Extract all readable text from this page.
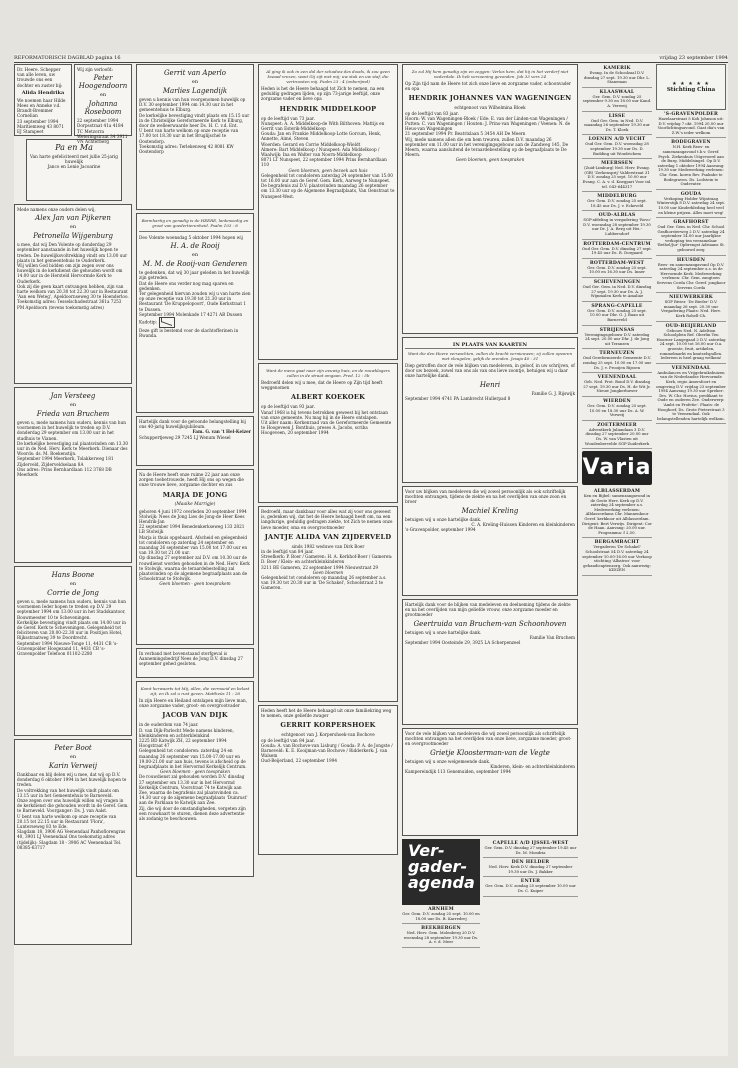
REFORMATORISCH DAGBLAD pagina 16	vrijdag 23 september 1994

Dr. Heere. Schepper van alle leven, uw trouwde ons een dochter en zuster bij:

Alida Hendrika

We noemen haar Hilde

Mees en Anneke v.d. Brandt-Bremmer Cornelian

23 september 1994 Maritiemweg 43 8071 EJ Stampeet

Wij zijn verloofd:

Peter Hoogendoorn
en
Johanna Roseboom

22 september 1994 Dorpsstraat 41a 4184 TC Metzorra Weteringstraat 34 3911 VN Achterberg

Pa en Ma

Van harte gefeliciteerd met jullie 25-jarig huwelijk

Janco en Lenie Jacoarine

Mede namens onze ouders delen wij,

Alex Jan van Pijkeren
en
Petronella Wijgenburg

u mee, dat wij Den Volente op donderdag 29 september aanstaande in het huwelijk hopen te treden. De huwelijksvoltrekking vindt om 13.00 uur plaats in het gemeentehuis te Ouderkerk.

Wij willen God bidden om zijn zegen over ons huwelijk in de kerkdienst die gehouden wordt om 14.00 uur in de Hersteld Hervormde Kerk te Ouderkerk.

Ook zij die geen kaart ontvangen hebben, zijn van harte welkom van 20.30 tot 22.30 uur in Restaurant 'Aan een Weteg', Apeldoornseweg 30 te Hoenderloo.

Toekomstig adres: Tesselschadestraat 361a 7253 PM Apeldoorn (tevens toekomstig adres)

Jan Versteeg
en
Frieda van Bruchem

geven u, mede namens hun ouders, kennis van hun voornemen in het huwelijk te treden op D.V. donderdag 29 september om 13.00 uur in het stadhuis te Vianen.

De kerkelijke bevestiging zal plaatsvinden om 13.30 uur in de Ned. Herv. Kerk te Meerkerk. Dienaar des Woords: ds. M. Boekenstijn.

September 1994 Meerkerk, Tolakkerweg 181 Zijderveld, Zijderveldselaan 8A

Ons adres: Prins Bernhardlaan 112 3768 DB Meerkerk

Hans Boone
en
Corrie de Jong

geven u, mede namens hun ouders, kennis van hun voornemen Ieder hopen te treden op D.V. 29 september 1994 om 13.00 uur in het Stadskantoor, Bouwmeester 10 te Scheveningen.

Kerkelijke bevestiging vindt plaats om 14.00 uur in de Geref. Kerk te Scheveningen. Gelegenheid tot feliciteren van 20.00-22.30 uur in Positijon Hotel, Rijksstraatweg 39 te Doordrecht.

September 1994 Nieuwe-Tonge 11, 4431 CB 's-Gravenpolder Hoogezand 11, 4431 CB 's-Gravenpolder Telefoon 01102-2280

Peter Boot
en
Karin Verweij

Dankbaar en blij delen wij u mee, dat wij op D.V. donderdag 6 oktober 1994 in het huwelijk hopen te treden.

De voltrekking van het huwelijk vindt plaats om 13.15 uur in het Gemeentehuis te Barneveld.

Onze zegen over ons huwelijk willen wij vragen in de kerkdienst die gehouden wordt in de Geref. Gem. te Barneveld. Voorganger: Ds. J. van Aalst.

U bent van harte welkom op onze receptie van 20.15 tot 22.15 uur in Restaurant 'Flora', Lunterseweg 83 te Ede.

Slagdam 18, 3906 AG Veenendaal Panhoflorengras 40, 3901 LJ Veenendaal Ons toekomstig adres (tijdelijk): Slagdam 18 - 3906 AC Veenendaal Tel. 08385-63717

Gerrit van Aperlo
en
Marlies Lagendijk

geven u kennis van hun voorgenomen huwelijk op D.V. 30 september 1994 om 14.30 uur in het gemeentehuis te Elburg.

De kerkelijke bevestiging vindt plaats om 15.15 uur in de Christelijke Gereformeerde Kerk te Elburg, door de welleerwaarde heer Ds. H. C. v.d. Ent.

U bent van harte welkom op onze receptie van 17.00 tot 18.30 uur in het Bruglijschel te Oostendorp.

Toekomstig adres: Terlekenweg 42 8081 KW Oostendorp

Barmhartig en genadig is de HEERE, lankmoedig en groot van goedertierenheid. Psalm 103 : 8

Deo Volente woensdag 5 oktober 1994 hopen wij

H. A. de Rooij
en
M. M. de Rooij-van Genderen

te gedenken, dat wij 30 jaar geleden in het huwelijk zijn getreden.

Dat de Heere ons verder nog mag sparen en gedenken.

Ter gelegenheid hiervan zouden wij u van harte zien op onze receptie van 19.30 tot 21.30 uur in Restaurant 'De Kruppelopoort', Oude Kerkstraat 1 te Dussen.

September 1994 Molenkade 17 4271 AB Dussen

Kadotip:

Deze gift is bestemd voor de slachtofferinen in Rwanda.

Hartelijk dank voor de getoonde belangstelling bij ons 40-jarig huwelijksjubileum.

Fam. G. van 't Hel-Keizer

Schuppertjeweg 29 7245 LJ Wenum Wiesel

Na de Heere heeft onze ruime 22 jaar aan onze zorgen toebetrouwde, heeft Hij ons op wegen die onze trouwe lieve, zorgzame dochter en zus

MARJA DE JONG
(Maaike Marrigje)

geboren 4 juni 1972 overleden 20 september 1994

Stolwijk: Nees de Jong Lies de Jong-de Heer Kees Hendrik-Jan

22 september 1994 Benedenkerkseweg 133 2821 LB Stolwijk

Marja is thuis opgebaard. Afscheid en gelegenheid tot condoleren op zaterdag 24 september en maandag 26 september van 15.00 tot 17.00 uur en van 19.30 tot 21.00 uur.

Op dinsdag 27 september zal D.V. om 10.30 uur de rouwdienst worden gehouden in de Ned. Herv. Kerk te Stolwijk, waarna de teraardebestelling zal plaatsvinden op de algemene begraafplaats aan de Schoolstraat te Stolwijk.

Geen bloemen - geen toesprakem

In verband met bovenstaand sterfgeval is Aannemingsbedrijf Nees de Jong D.V. dinsdag 27 september gehed gesloten.

Komt herwaarts tot Mij, allen, die vermoeid en belast zijt, en Ik zal u rust geven. Mattheüs 11 : 28

In zijn Heere en Heiland ontslapen mijn lieve man, onze zorgzame vader, groot- en overgrootvader

JACOB VAN DIJK

in de ouderdom van 74 jaar.

D. van Dijk-Parlecht Mede namens kinderen, kleinkinderen en achterkleinkind

2225 BD Katwijk ZH, 22 september 1994 Hoogstraat 47

Gelegenheid tot condoleren: zaterdag 24 en maandag 26 september van 15.00-17.00 uur en 19.00-21.00 uur aan huis, tevens is afscheid op de begraafplaats in het Hervormd Kerkelijk Centrum.

Geen bloemen - geen toespraken

De rouwdienst zal gehouden worden D.V. dinsdag 27 september om 13.30 uur in het Hervormd Kerkelijk Centrum, Voorstraat 74 te Katwijk aan Zee, waarna de begrafenis zal plaatsvinden ca. 14.30 uur op de algemene begraafplaats 'Duinrust' aan de Parklaan te Katwijk aan Zee.

Zij, die wij door de omstandigheden, vergeten zijn een rouwkaart te sturen, dienen deze advertentie als zodanig te beschouwen.

Al ging ik ook in een dal der schaduw des doods, ik zou geen kwaad vrezen, want Gij zijt met mij; uw stok en uw staf, die vertroosten mij. Psalm 23 : 4 (onberijmd)

Heden is het de Heere behaagd tot Zich te nemen, na een geduldig gedragen lijden, op zijn 73-jarige leeftijd, onze zorgzame vader en lieve opa

HENDRIK MIDDELKOOP

op de leeftijd van 73 jaar.

Nunspeet: A. A. Middelkoop-de With Bilthoven: Mattijs en Gerrit van Esterik-Middelkoop

Gouda: Jan en Frankie Middelkoop-Lotte Gorcum, Henk, Annette, Aimé, Steven

Woerden: Gerard en Corrie Middelkoop-Wieldt

Almere: Bart Middelkoop / Nunspeet: Ada Middelkoop / Waalwijk: Ina en Walter van Noorn-Middelkoop

8071 LT Nunspeet, 22 september 1994 Prins Bernhardlaan 110

Geen bloemen, geen bezoek aan huis

Gelegenheid tot condoleren zaterdag 24 september van 15.00 tot 16.00 uur aan de Geref. Gem. Kerk, Aarweg te Nunspeet. De begrafenis zal D.V. plaatsvinden maandag 26 september om 13.30 uur op de Algemene Begraafplaats, Van Oenstraat te Nunspeet-West.

Want de mens gaat naar zijn eeuwig huis, en de rouwklagers zullen in de straat omgaan. Pred. 12 : 5b

Bedroefd delen wij u mee, dat de Heere op Zijn tijd heeft weggenomen

ALBERT KOEKOEK

op de leeftijd van 93 jaar.

Vanaf 1968 is hij tevens betrokken geweest bij het ontstaan van onze gemeente. Nu mag hij in de Heere ontslapen.

Uit aller naam: Kerkenraad van de Gereformeerde Gemeente te Hoogeveen J. Bonthuis, preses A. Jacobs, scriba

Hoogeveen, 20 september 1994

Bedroefd, maar dankbaar voor alles wat zij voor ons geweest is, gedenken wij, dat het de Heere behaagd heeft om, na een langdurige, geduldig gedragen ziekte, tot Zich te nemen onze lieve moeder, oma en overgrootmoeder

JANTJE ALIDA VAN ZIJDERVELD

sinds 1982 weduwe van Dirk Boer

in de leeftijd van 84 jaar.

Streefkerk: P. Boer / Gameren: H. A. Kerkhof-Boer / Gameren: D. Boer / Klein- en achterkleinkinderen

3211 BE Gameren, 22 september 1994 Nieuwstraat 29

Geen bloemen

Gelegenheid tot condoleren op maandag 26 september a.s. van 19.30 tot 20.30 uur in 'De Schakel', Schoolstraat 2 te Gameren.

Heden heeft het de Heere behaagd uit onze familiekring weg te nemen, onze geliefde zwager

GERRIT KORPERSHOEK

echtgenoot van J. Korpershoek-van Bochove

op de leeftijd van 84 jaar.

Gouda: A. van Bochove-van Lisburg / Gouda: P. A. de Jongste / Barneveld: K. E. Kooijman-van Bochove / Ridderkerk: J. van Walsem

Oud-Beijerland, 22 september 1994

Zo zul Hij hem genadig zijn en zeggen: Verlos hem, dat hij in het verderf niet nederdale. Ik heb verzoening gevonden. Job 33 vers 24

Op Zijn tijd nam de Heere tot zich onze lieve en zorgzame vader, schoonvader en opa

HENDRIK JOHANNES VAN WAGENINGEN

echtgenoot van Wilhelmina Bloek

op de leeftijd van 83 jaar.

Hoorn: W. van Wageningen-Bloek / Ede: E. van der Linden-van Wageningen / Putten: C. van Wageningen / Houten: J. Prins-van Wageningen / Veenen: N. de Heus-van Wageningen

21 september 1994 Pr. Beatrixlaan 5 3454 AH De Meern

Wij, mede namens allen die om hem treuren, zullen D.V. maandag 26 september om 11.00 uur in het verenigingsgebouw aan de Zandweg 145, De Meern, waarna aansluitend de teraardebestelling op de begraafplaats te De Meern.

Geen bloemen, geen toespraken

IN PLAATS VAN KAARTEN
Want die den Heere verwachten, zullen de kracht vernieuwen; zij zullen opvaren met vleugelen, gelijk de arenden. Jesaja 40 : 31

Diep getroffen door de vele blijken van medeleven, in geloof, in uw schrijven, of door uw bezoek, zowel van ons als van ons lieve zoontje, betuigen wij u daar onze hartelijke dank.

Henri

Familie G. J. Rijswijk

September 1994 4741 PA Lambrecht Hullerpad 8

Voor uw blijken van medeleven die wij zowel persoonlijk als ook schriftelijk mochten ontvangen, tijdens de ziekte en na het overlijden van onze zoon en broer

Machiel Kreling

betuigen wij u onze hartelijke dank.

C. A. Kreling-Huissen Kinderen en kleinkinderen

's-Gravenpolder, september 1994

Hartelijk dank voor de blijken van medeleven en deelneming tijdens de ziekte en na het overlijden van mijn geliefde vrouw, onze zorgzame moeder en grootmoeder

Geertruida van Bruchem-van Schoonhoven

betuigen wij u onze hartelijke dank.

Familie Van Bruchem

September 1994 Oosteinde 29, 3925 LA Scherpenzeel

Voor de vele blijken van medeleven die wij zowel persoonlijk als schriftelijk mochten ontvangen na het overlijden van onze lieve, zorgzame moeder, groot- en overgrootmoeder

Grietje Kloosterman-van de Vegte

betuigen wij u onze welgemeende dank.

Kinderen, klein- en achterkleinkinderen

Kampereindijk 113 Genemuiden, september 1994

Ver-gader-agenda
ARNHEM
Ger. Gem. D.V. zondag 25 sept. 10.00 en 18.00 uur Ds. B. Karredrej
BEEKBERGEN
Ned. Herv. Gem. Molenberg 20 D.V. woensdag 28 september 19.30 uur Ds. A. v. d. Meer
CAPELLE A/D IJSSEL-WEST
Ger. Gem. D.V. dinsdag 27 september 19.45 uur Ds. M. Mondria
DEN HELDER
Ned. Herv. Kerk D.V. dinsdag 27 september 19.30 uur Ds. J. Bakker
ENTER
Ger. Gem. D.V. zondag 25 september 10.00 uur Ds. C. Kuiper
KAMERIK
Evang. In de Schoolzaal D.V. dinsdag 27 sept. 19.30 uur Dhr. L. Staneman
KLAASWAAL
Ger. Gem. D.V. zondag 25 september 9.30 en 18.00 uur Kand. A. Verweij
LISSE
Oud Ger. Gem. in Ned. D.V. maandag 26 september 19.30 uur Ds. T. Kloek
LOENEN A/D VECHT
Oud Ger. Gem. D.V. woensdag 28 september 19.30 uur Ds. D. Budding uit Woudrichem
MEERSSEN
(Zuid-Limburg) Ned. Herv. Evang. (GB) 'Zerkensprij' Valderstraat 31 D.V. zondag 25 sept. 10.00 uur Evang. C. A. v. d. Knegpari Voor inl. tel. 043-644317
MIDDELBURG
Ger. Gem. D.V. zondag 25 sept. 18.45 uur Ds. J. v. Eckeveld
OUD-ALBLAS
SGP-afdeling in vergadering 'Rovo' D.V. woensdag 28 september 19.30 uur Dr. J. A. Berg uit Hei.-Lubbersdorf
ROTTERDAM-CENTRUM
Oud Ger. Gem. D.V. dinsdag 27 sept. 19.45 uur Ds. R. Dorgaard
ROTTERDAM-WEST
Ger. Gem. D.V. zondag 25 sept. 10.00 en 16.30 uur Ds. Inner
SCHEVENINGEN
Oud Ger. Gem. in Ned. D.V. dinsdag 27 sept. 19.30 uur Ds. A. J. Wijnmalen Kerk te Amaliae
SPRANG-CAPELLE
Ger. Gem. D.V. zondag 25 sept. 10.00 uur Dhr. G. J. Baan uit Barneveld
STRIJENSAS
Verenigingsgebouw D.V. zaterdag 24 sept. 20.00 uur Dhr. J. de Jong uit Teranzen
TERNEUZEN
Oud Gereformeerde Gemeente D.V. zondag 25 sept. 10.00 en 17.00 uur Ds. J. v. Prooijen Rijssen
VEENENDAAL
Geb. Ned. Prot. Bond D.V. dinsdag 27 sept. 19.30 uur Ds. H. de Wit Jr. Nieuw Jongkerhuwer
WIERDEN
Ger. Gem. D.V. zondag 25 sept. 10.00 en 18.30 uur Ds. A. W. Verweij
ZOETERMEER
Adventkerk Juliandaan 3 D.V. dinsdag 27 september 20.00 uur Ds. W. van Vlasten uit Woudenbervelde SGP-Zuiderkerk
Varia
ALBLASSERDAM
Ken en Bijbel: samenzangavond in de Grote Herv. Kerk op D.V. zaterdag 24 september a.s. Medewerking verlenen: Alblasserdams Chr. Mannenkoor Geref. kerkkoor uit Alblasserdam. Dirigent: Bert Verwijs. Dirigent: Cor de Haan. Aanvang: 20.00 uur. Programma: f 2,50.
BERGAMBACHT
Vergaderen 'De Schakel' Schoolstraat 54 D.V. zaterdag 24 september 10.00-16.00 uur Verkoop stichting 'Albatros' voor gehandicaptenzorg. Ook aanwezig: KIDZEN
★ ★ ★ ★ ★
Stichting China
'S-GRAVENPOLDER
Hazelaarstraat 5 Koh Johnson uit: D.V. vrijdag 7 okt. 1994 20.00 uur Voorlichtingsavond. Gaat dia's van Z.W.'s ieder welkom
BODEGRAVEN
N.H. Kerk Rees- en samenzangavond t.b.v. Geref. Psych. Ziekenhuis Uitgevoerd aan de Burg. Middelsingel. Op D.V. zaterdag 1 oktober 1994 Aanvang: 19.30 uur Medewerking verlenen: Chr. Gem. koren Rev. Psalmbe te Bodegraven. Ds. Lodstein te Oudevater.
GOUDA
Verkoping Holder Wijntraag Winterstijk 8 D.V. zaterdag 24 sept. 10.00 uur Kinderkleding heel veel en kleine prijzen. Alles moet weg!
GRAFHORST
Oud Ger. Gem. in Ned. Chr. School Grafhorsterweg 2 D.V. zaterdag 24 september 14.00 uur Jaarlijkse verkoping ten verzamelaar 'Bethel/Jur' Opbrengst Adriaans St. gebouwd zorg
HEUSDEN
Rees- en samenzangavond Op D.V. zaterdag 24 september a.s. in de Hervormde Kerk. Medewerking verlenen: Chr. Gem. zangtoen Servens Corda Chr. Geref. jongkoor Servens Corda
NIEUWERKERK
SGP Rivier. 'De Bieder' D.V. maandag 26 sept. 20.30 uur Vergadering Plaats: Ned. Herv. Kerk Rohell-Ch.
OUD-BEIJERLAND
Gebouw Ned. N. Adeltion Schoolplein Ref. Oberlin Ten Hoorner Langegaad 2 D.V. zaterdag 24 sept. 10.00 tot 16.00 uur O.a. groente, fruit, artikelen, rommelmarkt en knutselspullen. Iedereen is heel graag welkom!
VEENENDAAL
Ambulances en Vrijgebruikshuizen van de Nederlandse Hervormde Kerk, regio Amersfoort en omgeving D.V. vrijdag 23 september 1994 Aanvang 19.30 uur Spreker: Drs. W. Chr. Hovius, predikant te Oude en ouderen Zee. Onderwerp: 'Ambt en Profetie'. Plaats: de Hooghoef, Ds. Grote Pieterstraat 3 te Veenendaal. Ook belangstellenden hartelijk welkom.
